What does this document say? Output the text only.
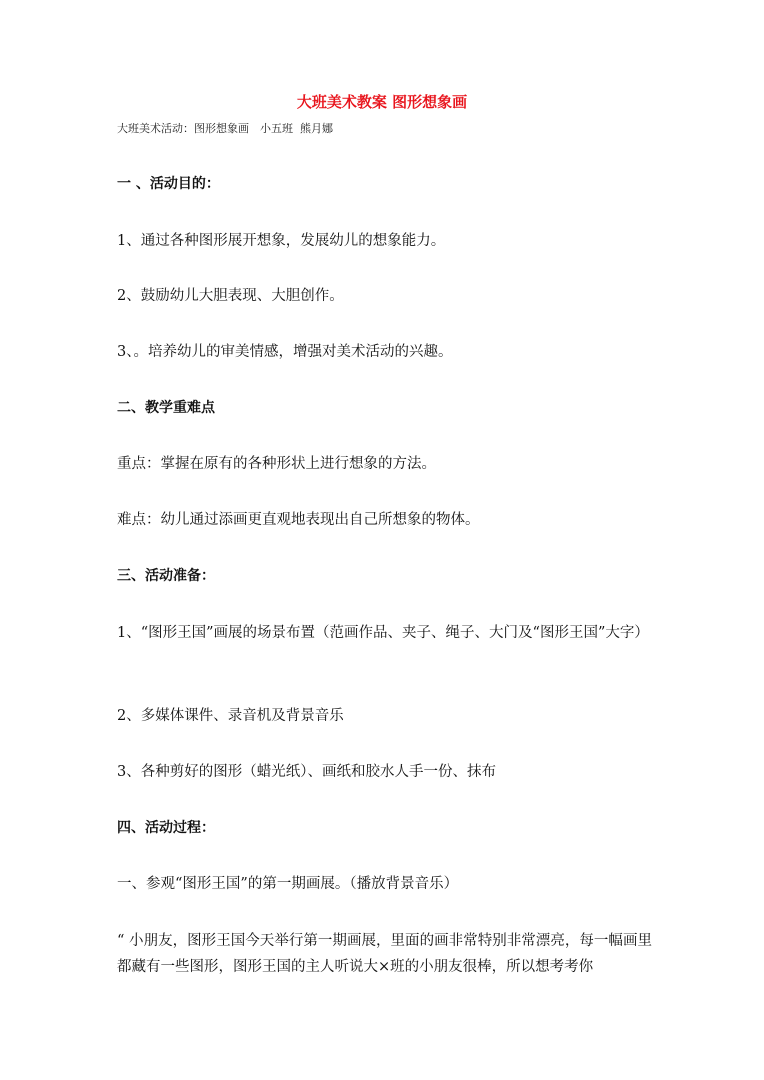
大班美术教案 图形想象画
大班美术活动：图形想象画　小五班  熊月娜
一 、活动目的：
1、通过各种图形展开想象，发展幼儿的想象能力。
2、鼓励幼儿大胆表现、大胆创作。
3、。培养幼儿的审美情感，增强对美术活动的兴趣。
二、教学重难点
重点：掌握在原有的各种形状上进行想象的方法。
难点：幼儿通过添画更直观地表现出自己所想象的物体。
三、活动准备：
1、“图形王国”画展的场景布置（范画作品、夹子、绳子、大门及“图形王国”大字）
2、多媒体课件、录音机及背景音乐
3、各种剪好的图形（蜡光纸）、画纸和胶水人手一份、抹布
四、活动过程：
一、参观“图形王国”的第一期画展。（播放背景音乐）
“ 小朋友，图形王国今天举行第一期画展，里面的画非常特别非常漂亮，每一幅画里都藏有一些图形，图形王国的主人听说大×班的小朋友很棒，所以想考考你
